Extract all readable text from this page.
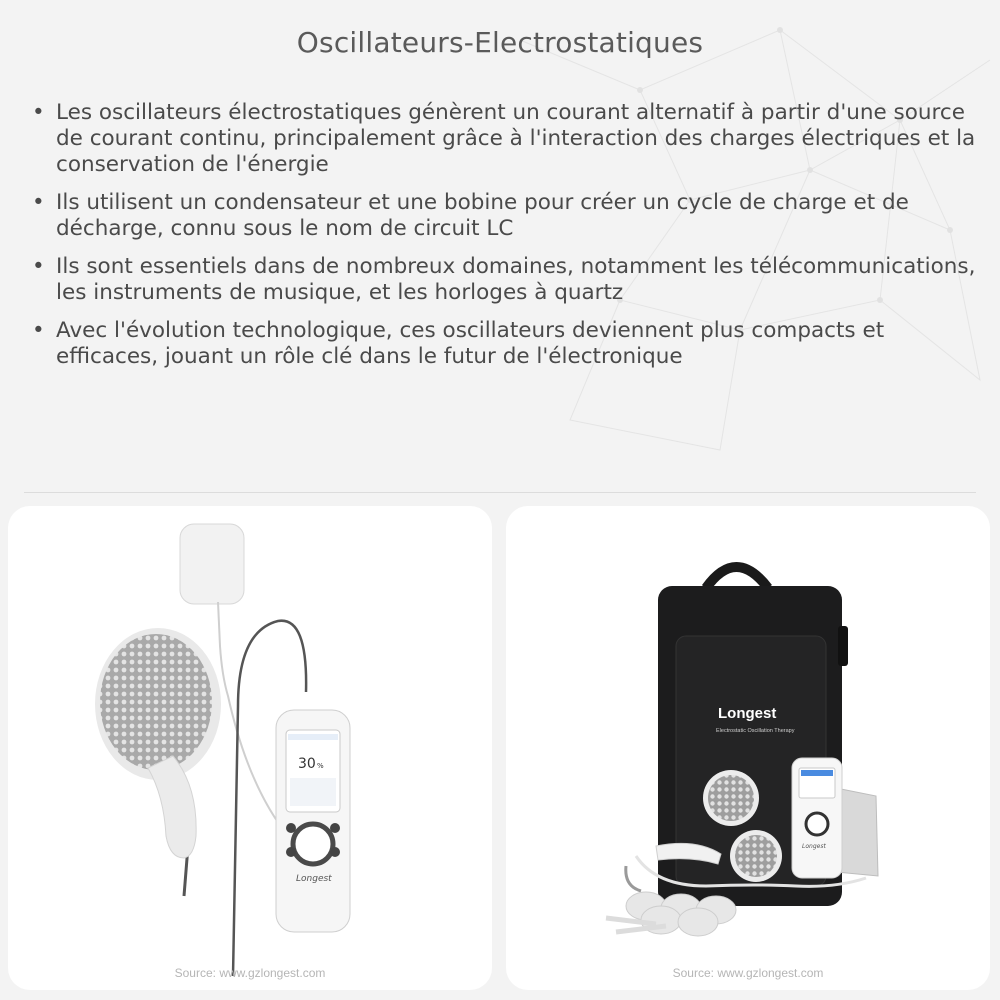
Oscillateurs-Electrostatiques
• Les oscillateurs électrostatiques génèrent un courant alternatif à partir d'une source de courant continu, principalement grâce à l'interaction des charges électriques et la conservation de l'énergie
• Ils utilisent un condensateur et une bobine pour créer un cycle de charge et de décharge, connu sous le nom de circuit LC
• Ils sont essentiels dans de nombreux domaines, notamment les télécommunications, les instruments de musique, et les horloges à quartz
• Avec l'évolution technologique, ces oscillateurs deviennent plus compacts et efficaces, jouant un rôle clé dans le futur de l'électronique
30 %
Longest
Source: www.gzlongest.com
Longest
Electrostatic Oscillation Therapy
Longest
Source: www.gzlongest.com
